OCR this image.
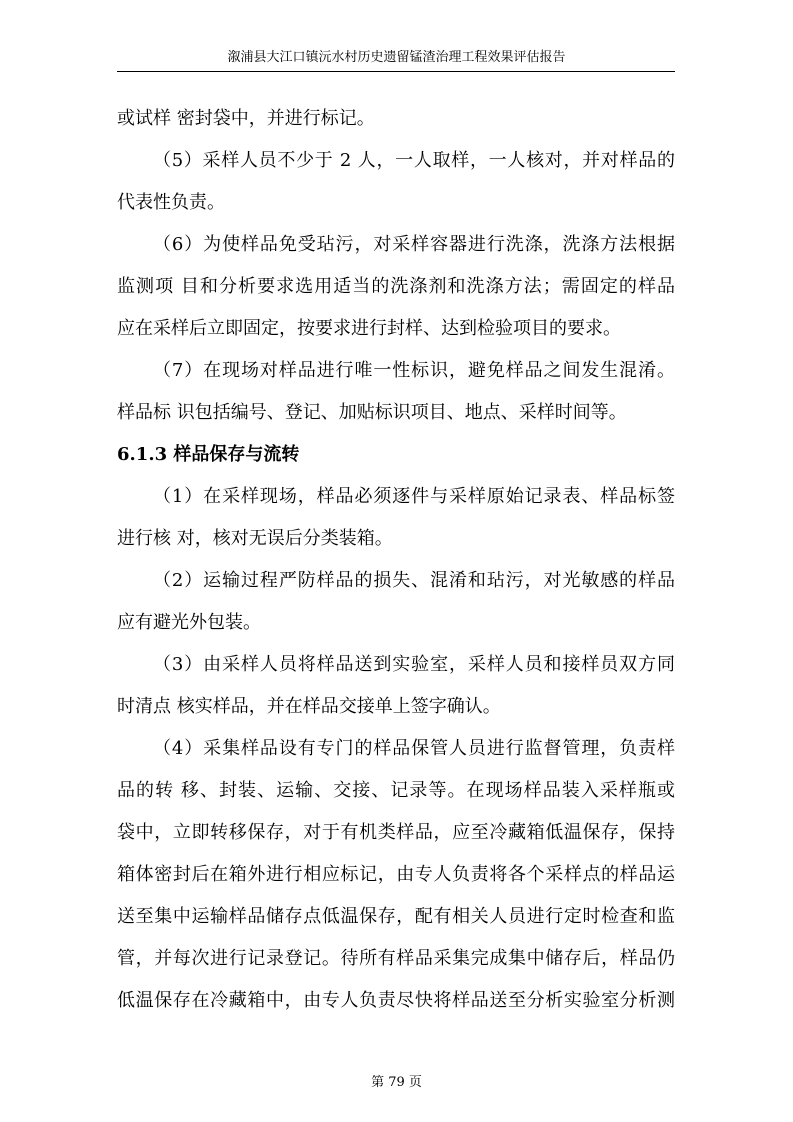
溆浦县大江口镇沅水村历史遗留锰渣治理工程效果评估报告
或试样 密封袋中，并进行标记。
（5）采样人员不少于 2 人，一人取样，一人核对，并对样品的
代表性负责。
（6）为使样品免受玷污，对采样容器进行洗涤，洗涤方法根据
监测项 目和分析要求选用适当的洗涤剂和洗涤方法；需固定的样品
应在采样后立即固定，按要求进行封样、达到检验项目的要求。
（7）在现场对样品进行唯一性标识，避免样品之间发生混淆。
样品标 识包括编号、登记、加贴标识项目、地点、采样时间等。
6.1.3 样品保存与流转
（1）在采样现场，样品必须逐件与采样原始记录表、样品标签
进行核 对，核对无误后分类装箱。
（2）运输过程严防样品的损失、混淆和玷污，对光敏感的样品
应有避光外包装。
（3）由采样人员将样品送到实验室，采样人员和接样员双方同
时清点 核实样品，并在样品交接单上签字确认。
（4）采集样品设有专门的样品保管人员进行监督管理，负责样
品的转 移、封装、运输、交接、记录等。在现场样品装入采样瓶或
袋中，立即转移保存，对于有机类样品，应至冷藏箱低温保存，保持
箱体密封后在箱外进行相应标记，由专人负责将各个采样点的样品运
送至集中运输样品储存点低温保存，配有相关人员进行定时检查和监
管，并每次进行记录登记。待所有样品采集完成集中储存后，样品仍
低温保存在冷藏箱中，由专人负责尽快将样品送至分析实验室分析测
第 79 页
